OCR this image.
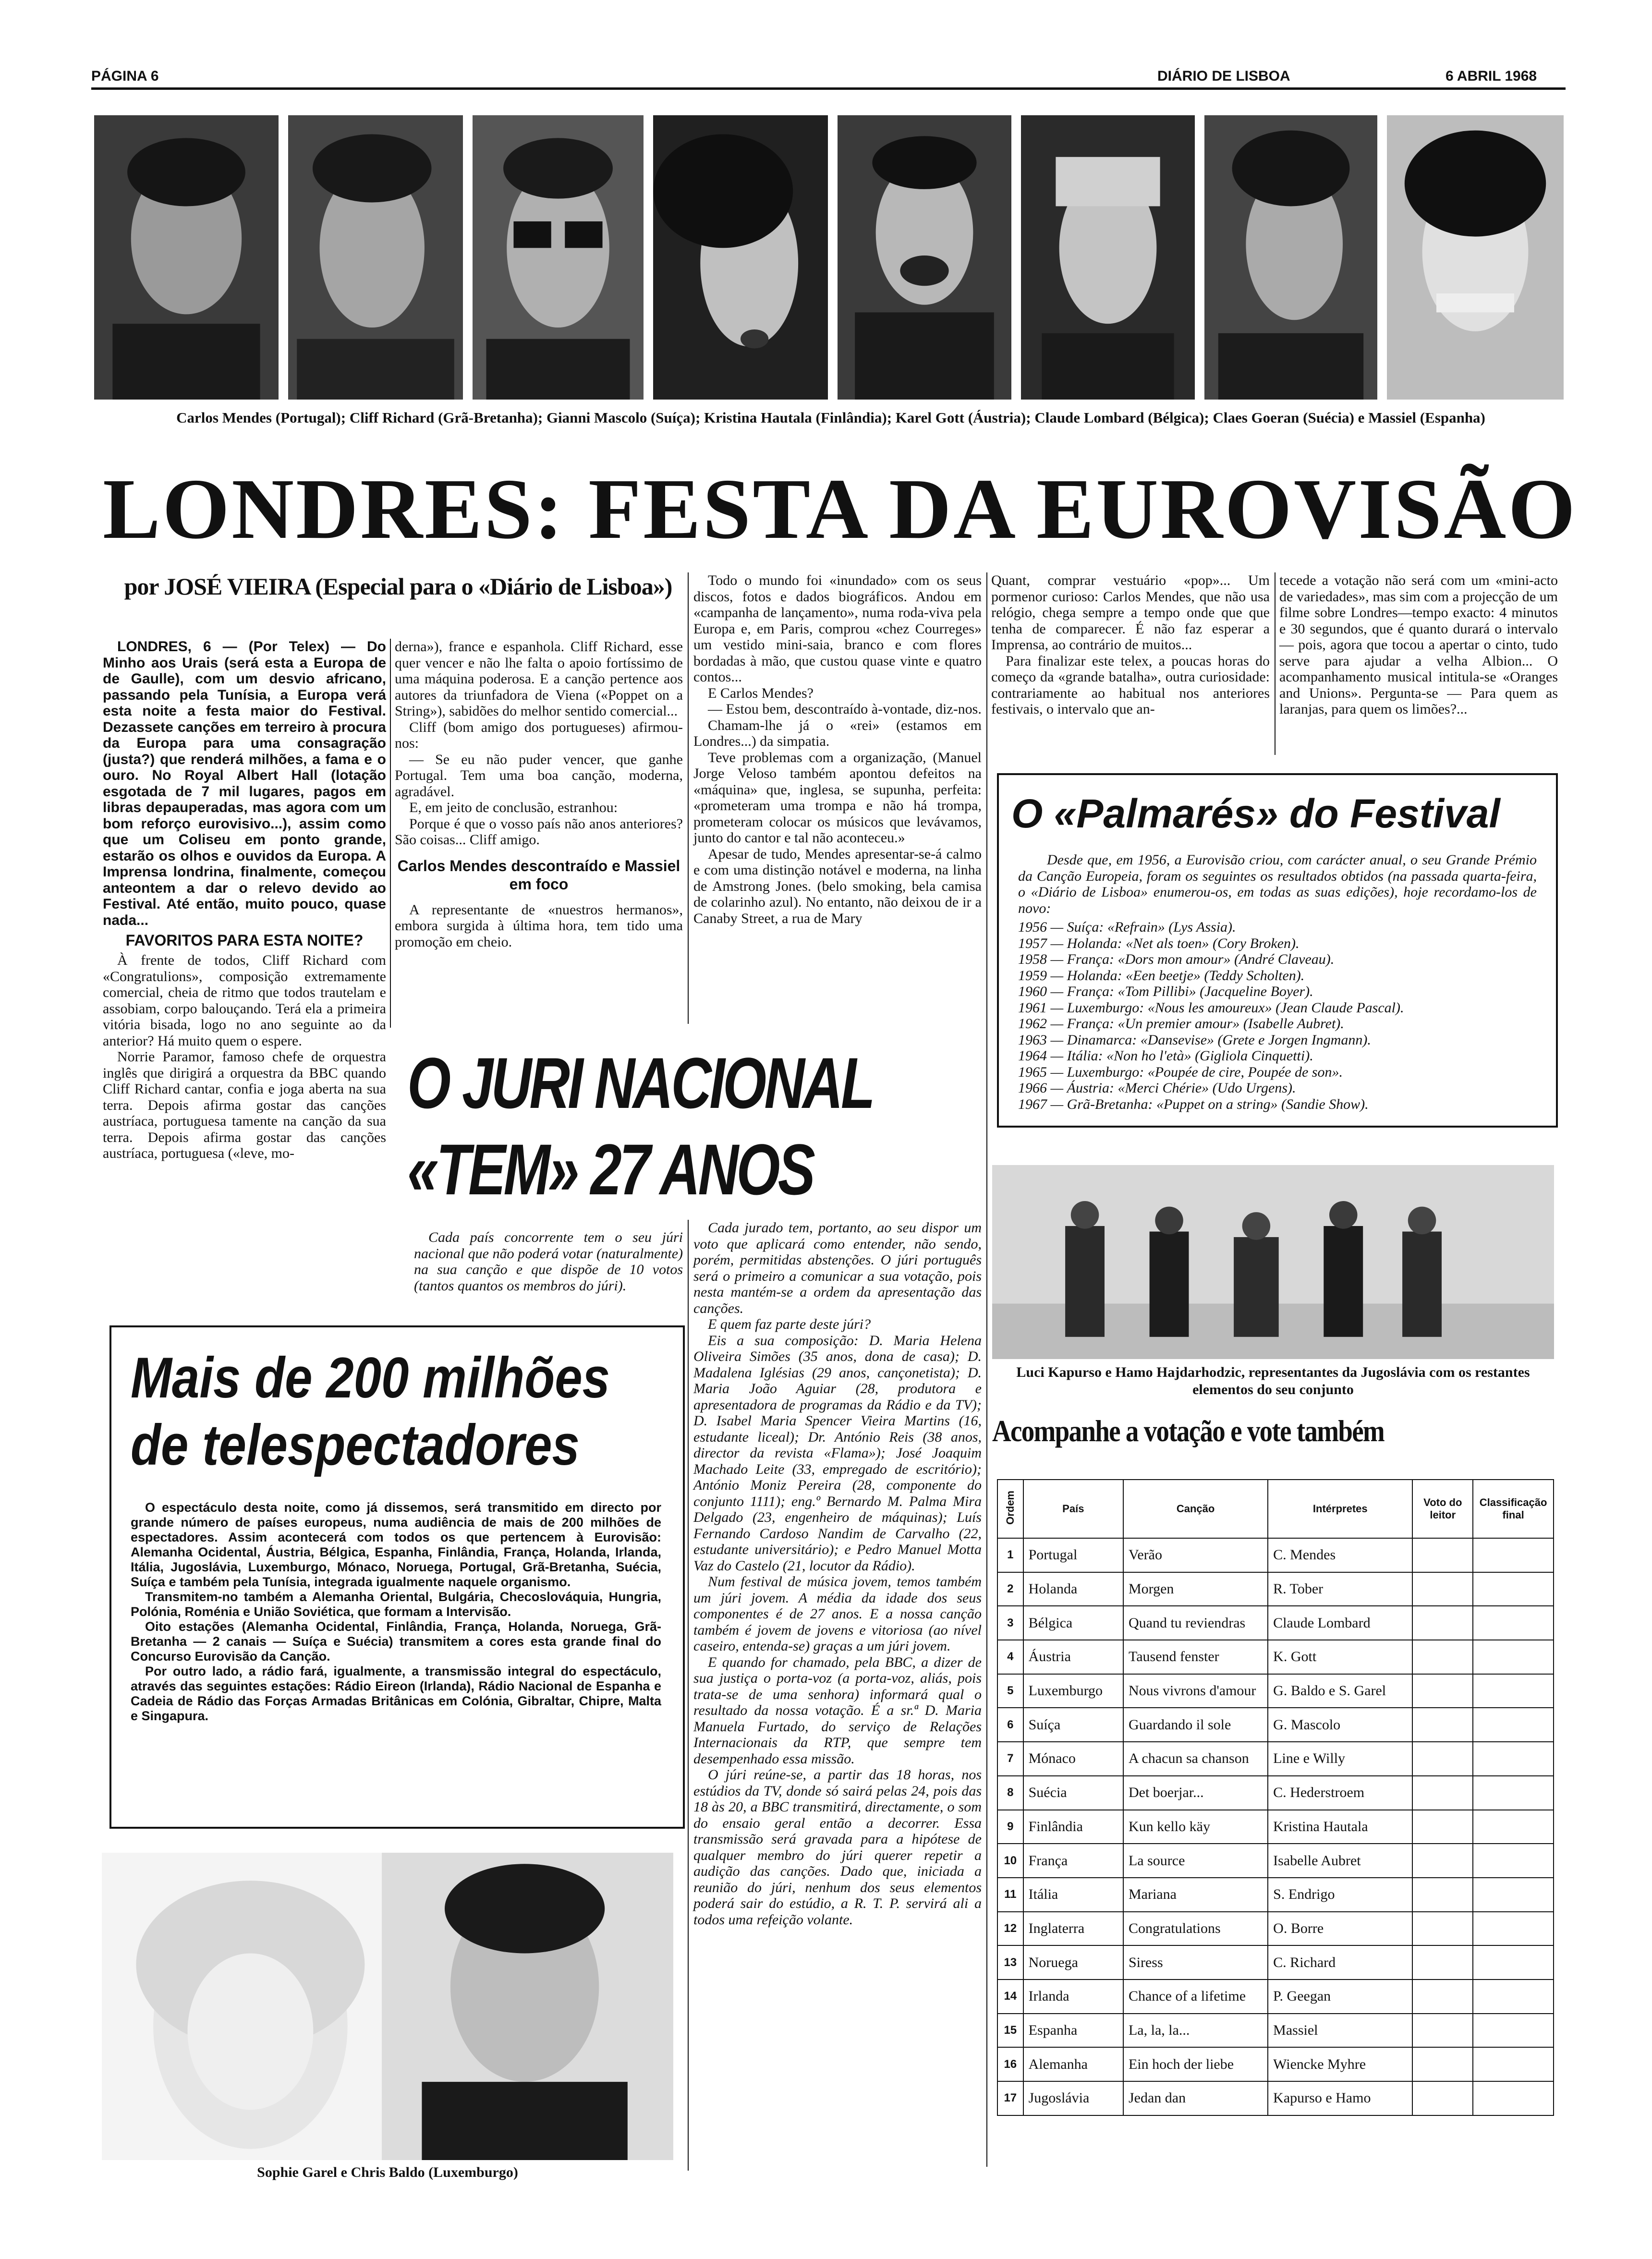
PÁGINA 6	DIÁRIO DE LISBOA	6 ABRIL 1968
Carlos Mendes (Portugal); Cliff Richard (Grã-Bretanha); Gianni Mascolo (Suíça); Kristina Hautala (Finlândia); Karel Gott (Áustria); Claude Lombard (Bélgica); Claes Goeran (Suécia) e Massiel (Espanha)
LONDRES: FESTA DA EUROVISÃO
por JOSÉ VIEIRA (Especial para o «Diário de Lisboa»)

LONDRES, 6 — (Por Telex) — Do Minho aos Urais (será esta a Europa de de Gaulle), com um desvio africano, passando pela Tunísia, a Europa verá esta noite a festa maior do Festival. Dezassete canções em terreiro à procura da Europa para uma consagração (justa?) que renderá milhões, a fama e o ouro. No Royal Albert Hall (lotação esgotada de 7 mil lugares, pagos em libras depauperadas, mas agora com um bom reforço eurovisivo...), assim como que um Coliseu em ponto grande, estarão os olhos e ouvidos da Europa. A Imprensa londrina, finalmente, começou anteontem a dar o relevo devido ao Festival. Até então, muito pouco, quase nada...

FAVORITOS PARA ESTA NOITE?

À frente de todos, Cliff Richard com «Congratulions», composição extremamente comercial, cheia de ritmo que todos trautelam e assobiam, corpo balouçando. Terá ela a primeira vitória bisada, logo no ano seguinte ao da anterior? Há muito quem o espere.

Norrie Paramor, famoso chefe de orquestra inglês que dirigirá a orquestra da BBC quando Cliff Richard cantar, confia e joga aberta na sua terra. Depois afirma gostar das canções austríaca, portuguesa tamente na canção da sua terra. Depois afirma gostar das canções austríaca, portuguesa («leve, mo-

derna»), france e espanhola. Cliff Richard, esse quer vencer e não lhe falta o apoio fortíssimo de uma máquina poderosa. E a canção pertence aos autores da triunfadora de Viena («Poppet on a String»), sabidões do melhor sentido comercial...

Cliff (bom amigo dos portugueses) afirmou-nos:

— Se eu não puder vencer, que ganhe Portugal. Tem uma boa canção, moderna, agradável.

E, em jeito de conclusão, estranhou:

Porque é que o vosso país não anos anteriores? São coisas... Cliff amigo.

Carlos Mendes descontraído e Massiel em foco

A representante de «nuestros hermanos», embora surgida à última hora, tem tido uma promoção em cheio.

Todo o mundo foi «inundado» com os seus discos, fotos e dados biográficos. Andou em «campanha de lançamento», numa roda-viva pela Europa e, em Paris, comprou «chez Courreges» um vestido mini-saia, branco e com flores bordadas à mão, que custou quase vinte e quatro contos...

E Carlos Mendes?

— Estou bem, descontraído à-vontade, diz-nos.

Chamam-lhe já o «rei» (estamos em Londres...) da simpatia.

Teve problemas com a organização, (Manuel Jorge Veloso também apontou defeitos na «máquina» que, inglesa, se supunha, perfeita: «prometeram uma trompa e não há trompa, prometeram colocar os músicos que levávamos, junto do cantor e tal não aconteceu.»

Apesar de tudo, Mendes apresentar-se-á calmo e com uma distinção notável e moderna, na linha de Amstrong Jones. (belo smoking, bela camisa de colarinho azul). No entanto, não deixou de ir a Canaby Street, a rua de Mary

Quant, comprar vestuário «pop»... Um pormenor curioso: Carlos Mendes, que não usa relógio, chega sempre a tempo onde que que tenha de comparecer. É não faz esperar a Imprensa, ao contrário de muitos...

Para finalizar este telex, a poucas horas do começo da «grande batalha», outra curiosidade: contrariamente ao habitual nos anteriores festivais, o intervalo que an-

tecede a votação não será com um «mini-acto de variedades», mas sim com a projecção de um filme sobre Londres—tempo exacto: 4 minutos e 30 segundos, que é quanto durará o intervalo — pois, agora que tocou a apertar o cinto, tudo serve para ajudar a velha Albion... O acompanhamento musical intitula-se «Oranges and Unions». Pergunta-se — Para quem as laranjas, para quem os limões?...

O «Palmarés» do Festival
Desde que, em 1956, a Eurovisão criou, com carácter anual, o seu Grande Prémio da Canção Europeia, foram os seguintes os resultados obtidos (na passada quarta-feira, o «Diário de Lisboa» enumerou-os, em todas as suas edições), hoje recordamo-los de novo:
1956 — Suíça: «Refrain» (Lys Assia).
1957 — Holanda: «Net als toen» (Cory Broken).
1958 — França: «Dors mon amour» (André Claveau).
1959 — Holanda: «Een beetje» (Teddy Scholten).
1960 — França: «Tom Pillibi» (Jacqueline Boyer).
1961 — Luxemburgo: «Nous les amoureux» (Jean Claude Pascal).
1962 — França: «Un premier amour» (Isabelle Aubret).
1963 — Dinamarca: «Dansevise» (Grete e Jorgen Ingmann).
1964 — Itália: «Non ho l'età» (Gigliola Cinquetti).
1965 — Luxemburgo: «Poupée de cire, Poupée de son».
1966 — Áustria: «Merci Chérie» (Udo Urgens).
1967 — Grã-Bretanha: «Puppet on a string» (Sandie Show).
O JURI NACIONAL
«TEM» 27 ANOS
Cada país concorrente tem o seu júri nacional que não poderá votar (naturalmente) na sua canção e que dispõe de 10 votos (tantos quantos os membros do júri).

Cada jurado tem, portanto, ao seu dispor um voto que aplicará como entender, não sendo, porém, permitidas abstenções. O júri português será o primeiro a comunicar a sua votação, pois nesta mantém-se a ordem da apresentação das canções.

E quem faz parte deste júri?

Eis a sua composição: D. Maria Helena Oliveira Simões (35 anos, dona de casa); D. Madalena Iglésias (29 anos, cançonetista); D. Maria João Aguiar (28, produtora e apresentadora de programas da Rádio e da TV); D. Isabel Maria Spencer Vieira Martins (16, estudante liceal); Dr. António Reis (38 anos, director da revista «Flama»); José Joaquim Machado Leite (33, empregado de escritório); António Moniz Pereira (28, componente do conjunto 1111); eng.º Bernardo M. Palma Mira Delgado (23, engenheiro de máquinas); Luís Fernando Cardoso Nandim de Carvalho (22, estudante universitário); e Pedro Manuel Motta Vaz do Castelo (21, locutor da Rádio).

Num festival de música jovem, temos também um júri jovem. A média da idade dos seus componentes é de 27 anos. E a nossa canção também é jovem de jovens e vitoriosa (ao nível caseiro, entenda-se) graças a um júri jovem.

E quando for chamado, pela BBC, a dizer de sua justiça o porta-voz (a porta-voz, aliás, pois trata-se de uma senhora) informará qual o resultado da nossa votação. É a sr.ª D. Maria Manuela Furtado, do serviço de Relações Internacionais da RTP, que sempre tem desempenhado essa missão.

O júri reúne-se, a partir das 18 horas, nos estúdios da TV, donde só sairá pelas 24, pois das 18 às 20, a BBC transmitirá, directamente, o som do ensaio geral então a decorrer. Essa transmissão será gravada para a hipótese de qualquer membro do júri querer repetir a audição das canções. Dado que, iniciada a reunião do júri, nenhum dos seus elementos poderá sair do estúdio, a R. T. P. servirá ali a todos uma refeição volante.

Mais de 200 milhões
de telespectadores

O espectáculo desta noite, como já dissemos, será transmitido em directo por grande número de países europeus, numa audiência de mais de 200 milhões de espectadores. Assim acontecerá com todos os que pertencem à Eurovisão: Alemanha Ocidental, Áustria, Bélgica, Espanha, Finlândia, França, Holanda, Irlanda, Itália, Jugoslávia, Luxemburgo, Mónaco, Noruega, Portugal, Grã-Bretanha, Suécia, Suíça e também pela Tunísia, integrada igualmente naquele organismo.

Transmitem-no também a Alemanha Oriental, Bulgária, Checoslováquia, Hungria, Polónia, Roménia e União Soviética, que formam a Intervisão.

Oito estações (Alemanha Ocidental, Finlândia, França, Holanda, Noruega, Grã-Bretanha — 2 canais — Suíça e Suécia) transmitem a cores esta grande final do Concurso Eurovisão da Canção.

Por outro lado, a rádio fará, igualmente, a transmissão integral do espectáculo, através das seguintes estações: Rádio Eireon (Irlanda), Rádio Nacional de Espanha e Cadeia de Rádio das Forças Armadas Britânicas em Colónia, Gibraltar, Chipre, Malta e Singapura.

Sophie Garel e Chris Baldo (Luxemburgo)
Luci Kapurso e Hamo Hajdarhodzic, representantes da Jugoslávia com os restantes elementos do seu conjunto
Acompanhe a votação e vote também
Ordem	País	Canção	Intérpretes	Voto do leitor	Classificação final
1	Portugal	Verão	C. Mendes		
2	Holanda	Morgen	R. Tober		
3	Bélgica	Quand tu reviendras	Claude Lombard		
4	Áustria	Tausend fenster	K. Gott		
5	Luxemburgo	Nous vivrons d'amour	G. Baldo e S. Garel		
6	Suíça	Guardando il sole	G. Mascolo		
7	Mónaco	A chacun sa chanson	Line e Willy		
8	Suécia	Det boerjar...	C. Hederstroem		
9	Finlândia	Kun kello käy	Kristina Hautala		
10	França	La source	Isabelle Aubret		
11	Itália	Mariana	S. Endrigo		
12	Inglaterra	Congratulations	O. Borre		
13	Noruega	Siress	C. Richard		
14	Irlanda	Chance of a lifetime	P. Geegan		
15	Espanha	La, la, la...	Massiel		
16	Alemanha	Ein hoch der liebe	Wiencke Myhre		
17	Jugoslávia	Jedan dan	Kapurso e Hamo		
